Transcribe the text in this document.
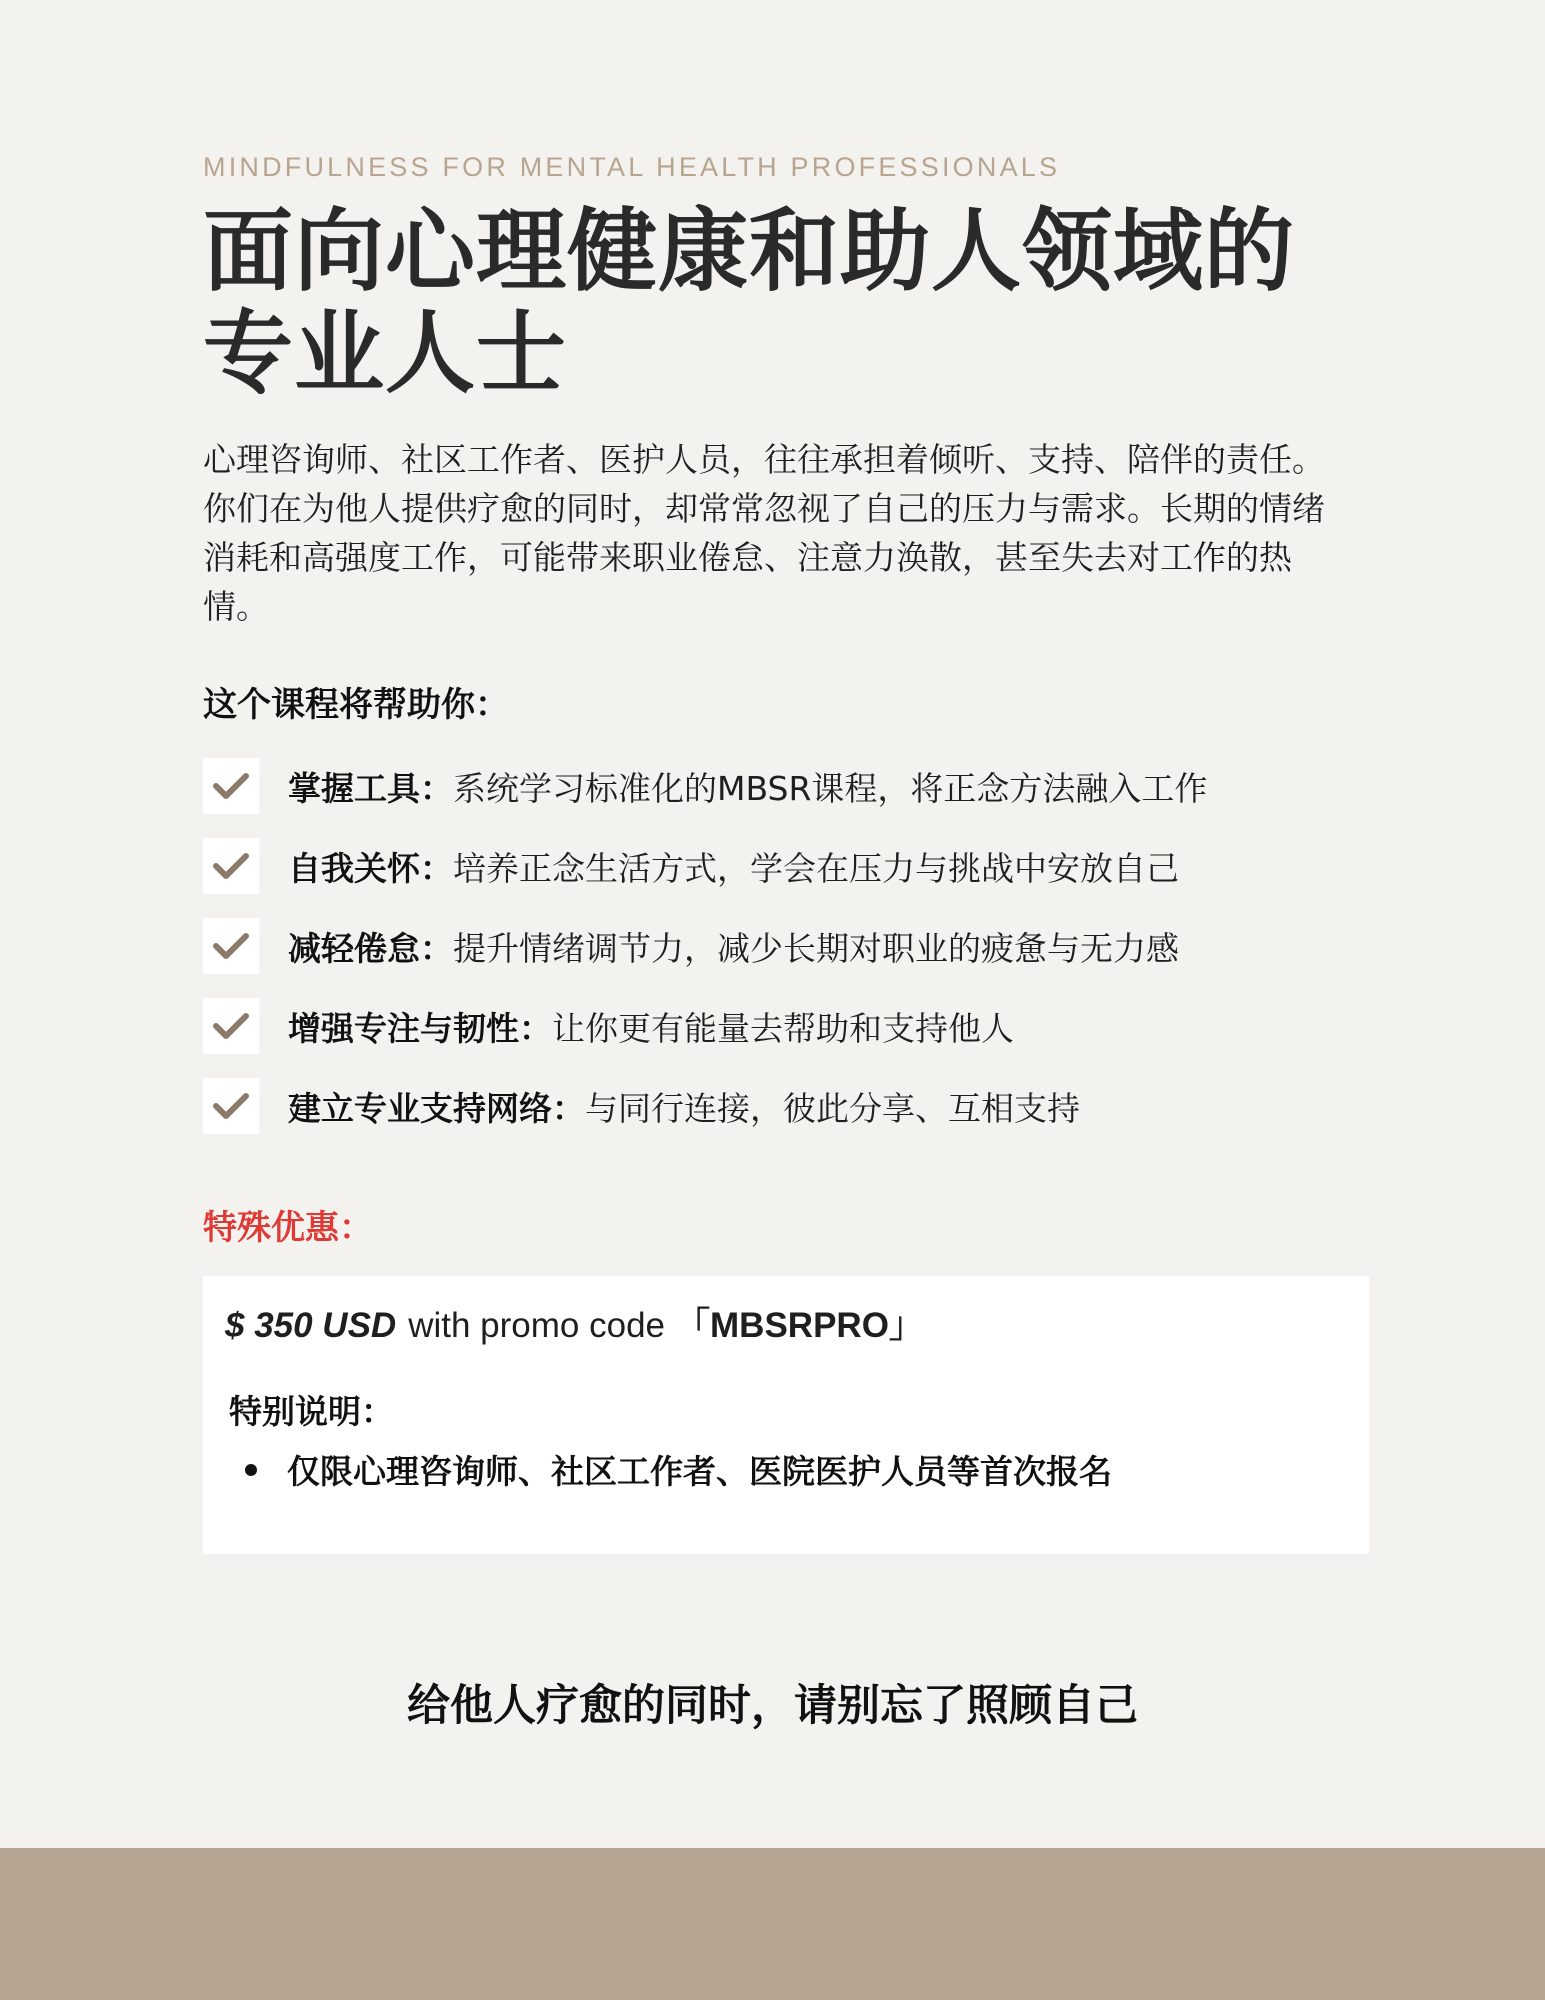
MINDFULNESS FOR MENTAL HEALTH PROFESSIONALS
面向心理健康和助人领域的专业人士

心理咨询师、社区工作者、医护人员，往往承担着倾听、支持、陪伴的责任。你们在为他人提供疗愈的同时，却常常忽视了自己的压力与需求。长期的情绪消耗和高强度工作，可能带来职业倦怠、注意力涣散，甚至失去对工作的热情。

这个课程将帮助你：
掌握工具：系统学习标准化的MBSR课程，将正念方法融入工作
自我关怀：培养正念生活方式，学会在压力与挑战中安放自己
减轻倦怠：提升情绪调节力，减少长期对职业的疲惫与无力感
增强专注与韧性：让你更有能量去帮助和支持他人
建立专业支持网络：与同行连接，彼此分享、互相支持
特殊优惠：
$ 350 USD with promo code 「MBSRPRO」
特别说明：
仅限心理咨询师、社区工作者、医院医护人员等首次报名
给他人疗愈的同时，请别忘了照顾自己
